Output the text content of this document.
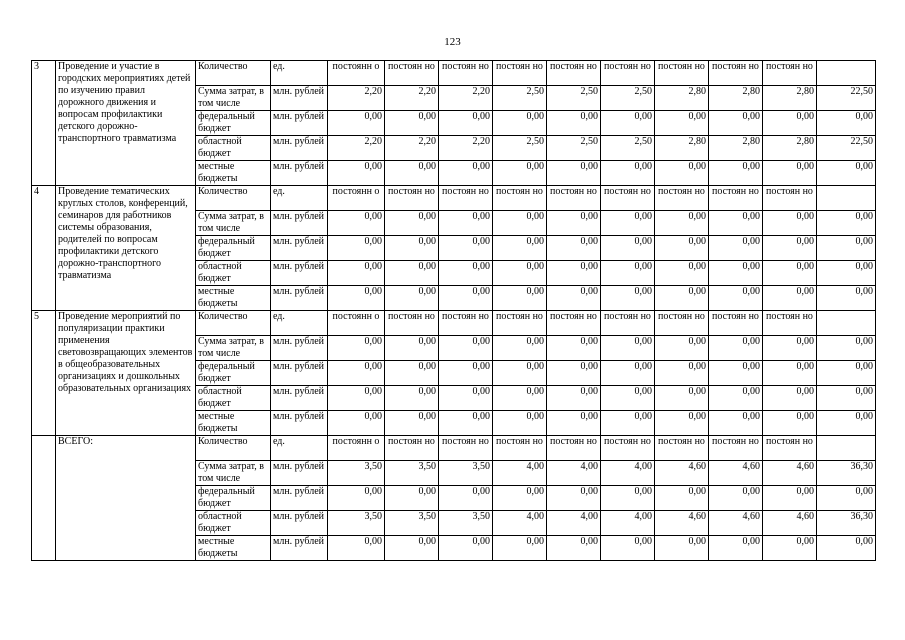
123
3	Проведение и участие в городских мероприятиях детей по изучению правил дорожного движения и вопросам профилактики детского дорожно-транспортного травматизма	Количество	ед.	постоянн о	постоян но	постоян но	постоян но	постоян но	постоян но	постоян но	постоян но	постоян но	
		Сумма затрат, в том числе	млн. рублей	2,20	2,20	2,20	2,50	2,50	2,50	2,80	2,80	2,80	22,50
		федеральный бюджет	млн. рублей	0,00	0,00	0,00	0,00	0,00	0,00	0,00	0,00	0,00	0,00
		областной бюджет	млн. рублей	2,20	2,20	2,20	2,50	2,50	2,50	2,80	2,80	2,80	22,50
		местные бюджеты	млн. рублей	0,00	0,00	0,00	0,00	0,00	0,00	0,00	0,00	0,00	0,00
4	Проведение тематических круглых столов, конференций, семинаров для работников системы образования, родителей по вопросам профилактики детского дорожно-транспортного травматизма	Количество	ед.	постоянн о	постоян но	постоян но	постоян но	постоян но	постоян но	постоян но	постоян но	постоян но	
		Сумма затрат, в том числе	млн. рублей	0,00	0,00	0,00	0,00	0,00	0,00	0,00	0,00	0,00	0,00
		федеральный бюджет	млн. рублей	0,00	0,00	0,00	0,00	0,00	0,00	0,00	0,00	0,00	0,00
		областной бюджет	млн. рублей	0,00	0,00	0,00	0,00	0,00	0,00	0,00	0,00	0,00	0,00
		местные бюджеты	млн. рублей	0,00	0,00	0,00	0,00	0,00	0,00	0,00	0,00	0,00	0,00
5	Проведение мероприятий по популяризации практики применения световозвращающих элементов в общеобразовательных организациях и дошкольных образовательных организациях	Количество	ед.	постоянн о	постоян но	постоян но	постоян но	постоян но	постоян но	постоян но	постоян но	постоян но	
		Сумма затрат, в том числе	млн. рублей	0,00	0,00	0,00	0,00	0,00	0,00	0,00	0,00	0,00	0,00
		федеральный бюджет	млн. рублей	0,00	0,00	0,00	0,00	0,00	0,00	0,00	0,00	0,00	0,00
		областной бюджет	млн. рублей	0,00	0,00	0,00	0,00	0,00	0,00	0,00	0,00	0,00	0,00
		местные бюджеты	млн. рублей	0,00	0,00	0,00	0,00	0,00	0,00	0,00	0,00	0,00	0,00
	ВСЕГО:	Количество	ед.	постоянн о	постоян но	постоян но	постоян но	постоян но	постоян но	постоян но	постоян но	постоян но	
		Сумма затрат, в том числе	млн. рублей	3,50	3,50	3,50	4,00	4,00	4,00	4,60	4,60	4,60	36,30
		федеральный бюджет	млн. рублей	0,00	0,00	0,00	0,00	0,00	0,00	0,00	0,00	0,00	0,00
		областной бюджет	млн. рублей	3,50	3,50	3,50	4,00	4,00	4,00	4,60	4,60	4,60	36,30
		местные бюджеты	млн. рублей	0,00	0,00	0,00	0,00	0,00	0,00	0,00	0,00	0,00	0,00
